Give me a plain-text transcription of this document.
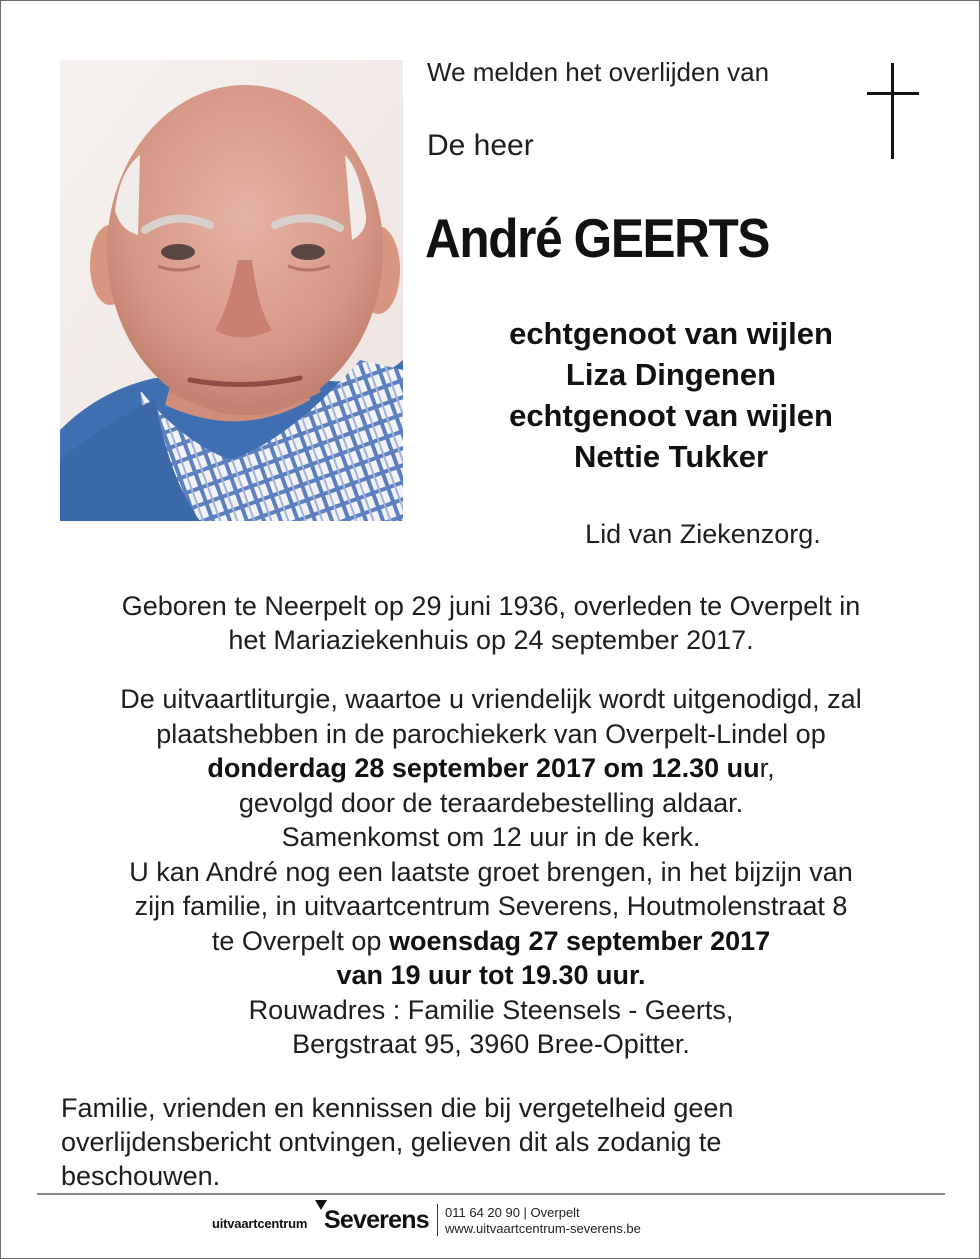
We melden het overlijden van
De heer
André GEERTS
echtgenoot van wijlen
Liza Dingenen
echtgenoot van wijlen
Nettie Tukker
Lid van Ziekenzorg.
Geboren te Neerpelt op 29 juni 1936, overleden te Overpelt in
het Mariaziekenhuis op 24 september 2017.
De uitvaartliturgie, waartoe u vriendelijk wordt uitgenodigd, zal
plaatshebben in de parochiekerk van Overpelt-Lindel op
donderdag 28 september 2017 om 12.30 uur,
gevolgd door de teraardebestelling aldaar.
Samenkomst om 12 uur in de kerk.
U kan André nog een laatste groet brengen, in het bijzijn van
zijn familie, in uitvaartcentrum Severens, Houtmolenstraat 8
te Overpelt op woensdag 27 september 2017
van 19 uur tot 19.30 uur.
Rouwadres : Familie Steensels - Geerts,
Bergstraat 95, 3960 Bree-Opitter.
Familie, vrienden en kennissen die bij vergetelheid geen
overlijdensbericht ontvingen, gelieven dit als zodanig te
beschouwen.
uitvaartcentrum Severens 011 64 20 90 | Overpelt
www.uitvaartcentrum-severens.be
